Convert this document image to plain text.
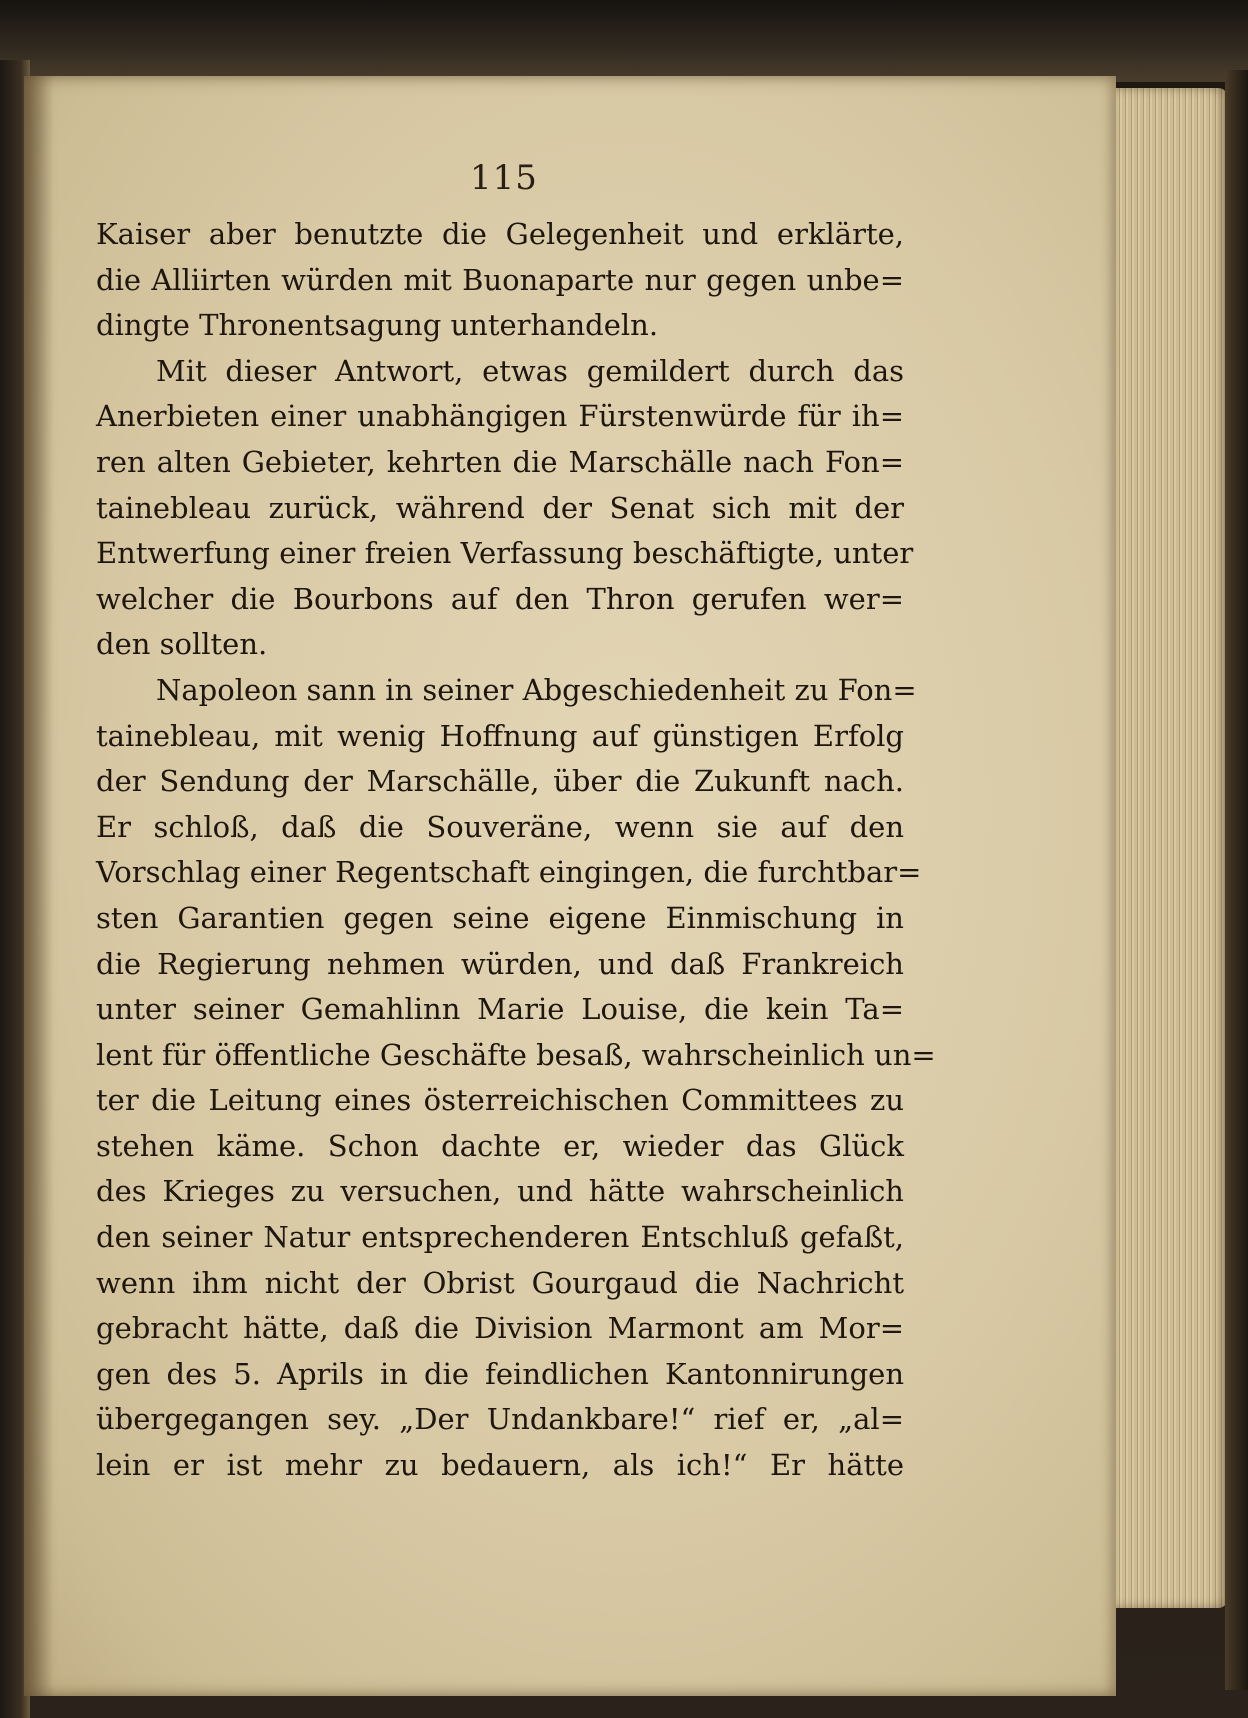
115
Kaiser aber benutzte die Gelegenheit und erklärte,
die Alliirten würden mit Buonaparte nur gegen unbe=
dingte Thronentsagung unterhandeln.
Mit dieser Antwort, etwas gemildert durch das
Anerbieten einer unabhängigen Fürstenwürde für ih=
ren alten Gebieter, kehrten die Marschälle nach Fon=
tainebleau zurück, während der Senat sich mit der
Entwerfung einer freien Verfassung beschäftigte, unter
welcher die Bourbons auf den Thron gerufen wer=
den sollten.
Napoleon sann in seiner Abgeschiedenheit zu Fon=
tainebleau, mit wenig Hoffnung auf günstigen Erfolg
der Sendung der Marschälle, über die Zukunft nach.
Er schloß, daß die Souveräne, wenn sie auf den
Vorschlag einer Regentschaft eingingen, die furchtbar=
sten Garantien gegen seine eigene Einmischung in
die Regierung nehmen würden, und daß Frankreich
unter seiner Gemahlinn Marie Louise, die kein Ta=
lent für öffentliche Geschäfte besaß, wahrscheinlich un=
ter die Leitung eines österreichischen Committees zu
stehen käme. Schon dachte er, wieder das Glück
des Krieges zu versuchen, und hätte wahrscheinlich
den seiner Natur entsprechenderen Entschluß gefaßt,
wenn ihm nicht der Obrist Gourgaud die Nachricht
gebracht hätte, daß die Division Marmont am Mor=
gen des 5. Aprils in die feindlichen Kantonnirungen
übergegangen sey. „Der Undankbare!“ rief er, „al=
lein er ist mehr zu bedauern, als ich!“ Er hätte
